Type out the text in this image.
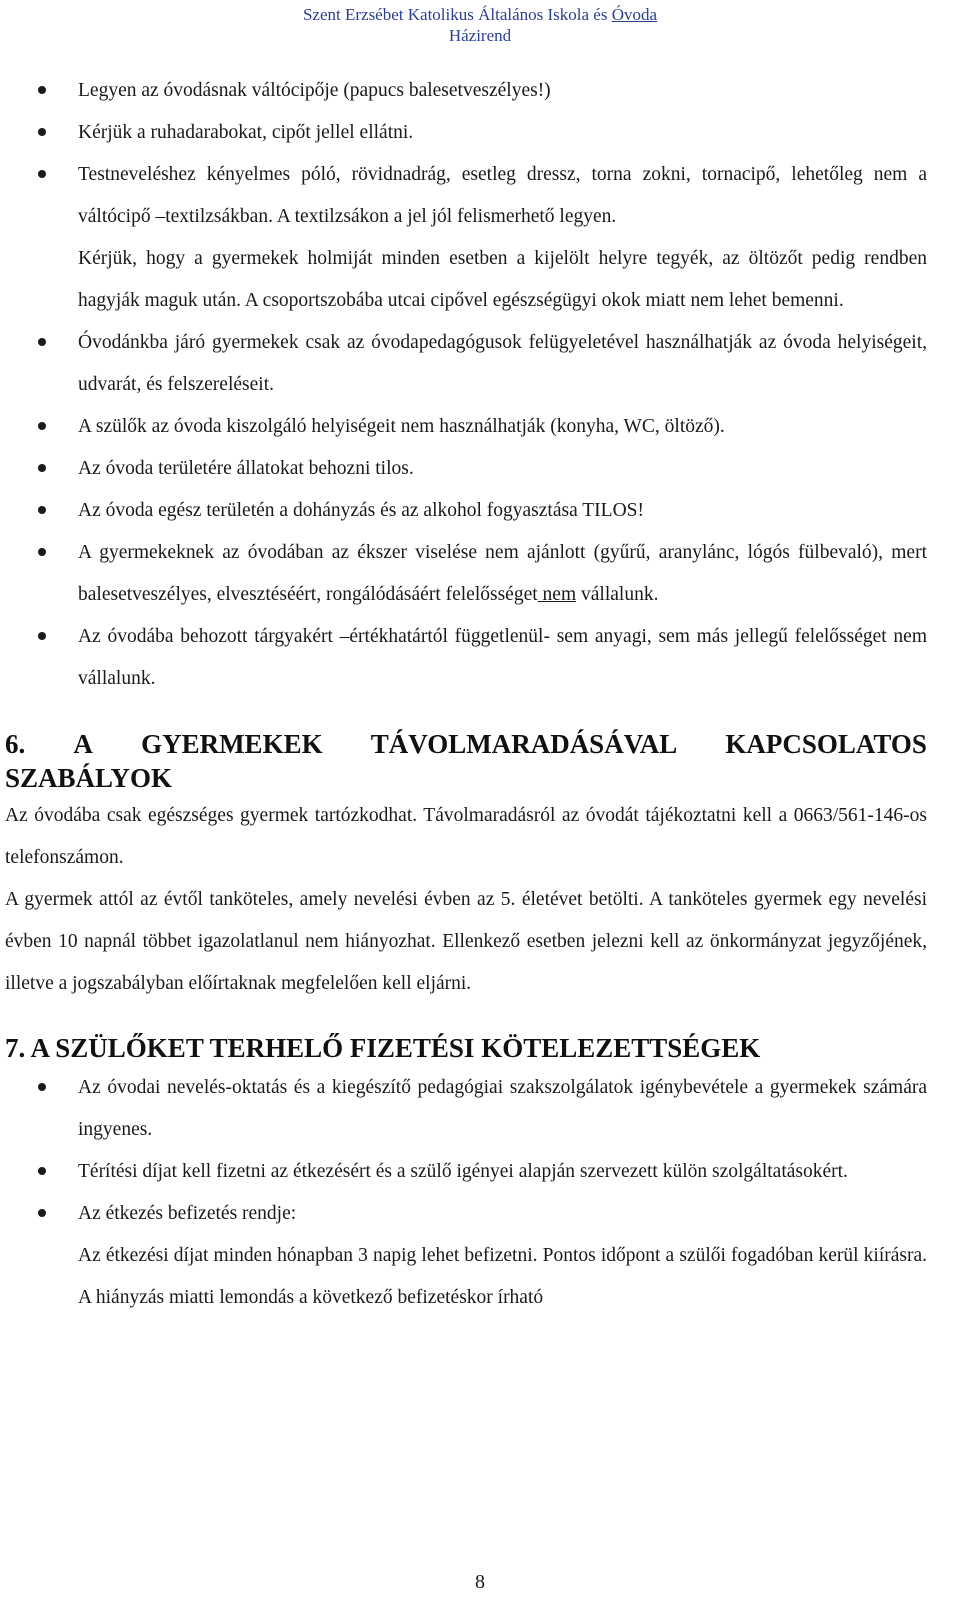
Szent Erzsébet Katolikus Általános Iskola és Óvoda
Házirend
Legyen az óvodásnak váltócipője (papucs balesetveszélyes!)
Kérjük a ruhadarabokat, cipőt jellel ellátni.
Testneveléshez kényelmes póló, rövidnadrág, esetleg dressz, torna zokni, tornacipő, lehetőleg nem a váltócipő –textilzsákban. A textilzsákon a jel jól felismerhető legyen.
Kérjük, hogy a gyermekek holmiját minden esetben a kijelölt helyre tegyék, az öltözőt pedig rendben hagyják maguk után. A csoportszobába utcai cipővel egészségügyi okok miatt nem lehet bemenni.
Óvodánkba járó gyermekek csak az óvodapedagógusok felügyeletével használhatják az óvoda helyiségeit, udvarát, és felszereléseit.
A szülők az óvoda kiszolgáló helyiségeit nem használhatják (konyha, WC, öltöző).
Az óvoda területére állatokat behozni tilos.
Az óvoda egész területén a dohányzás és az alkohol fogyasztása TILOS!
A gyermekeknek az óvodában az ékszer viselése nem ajánlott (gyűrű, aranylánc, lógós fülbevaló), mert balesetveszélyes, elvesztéséért, rongálódásáért felelősséget nem vállalunk.
Az óvodába behozott tárgyakért –értékhatártól függetlenül- sem anyagi, sem más jellegű felelősséget nem vállalunk.
6. A GYERMEKEK TÁVOLMARADÁSÁVAL KAPCSOLATOS
SZABÁLYOK

Az óvodába csak egészséges gyermek tartózkodhat. Távolmaradásról az óvodát tájékoztatni kell a 0663/561-146-os telefonszámon.

A gyermek attól az évtől tanköteles, amely nevelési évben az 5. életévet betölti. A tanköteles gyermek egy nevelési évben 10 napnál többet igazolatlanul nem hiányozhat. Ellenkező esetben jelezni kell az önkormányzat jegyzőjének, illetve a jogszabályban előírtaknak megfelelően kell eljárni.

7. A SZÜLŐKET TERHELŐ FIZETÉSI KÖTELEZETTSÉGEK
Az óvodai nevelés-oktatás és a kiegészítő pedagógiai szakszolgálatok igénybevétele a gyermekek számára ingyenes.
Térítési díjat kell fizetni az étkezésért és a szülő igényei alapján szervezett külön szolgáltatásokért.
Az étkezés befizetés rendje:
Az étkezési díjat minden hónapban 3 napig lehet befizetni. Pontos időpont a szülői fogadóban kerül kiírásra. A hiányzás miatti lemondás a következő befizetéskor írható
8
